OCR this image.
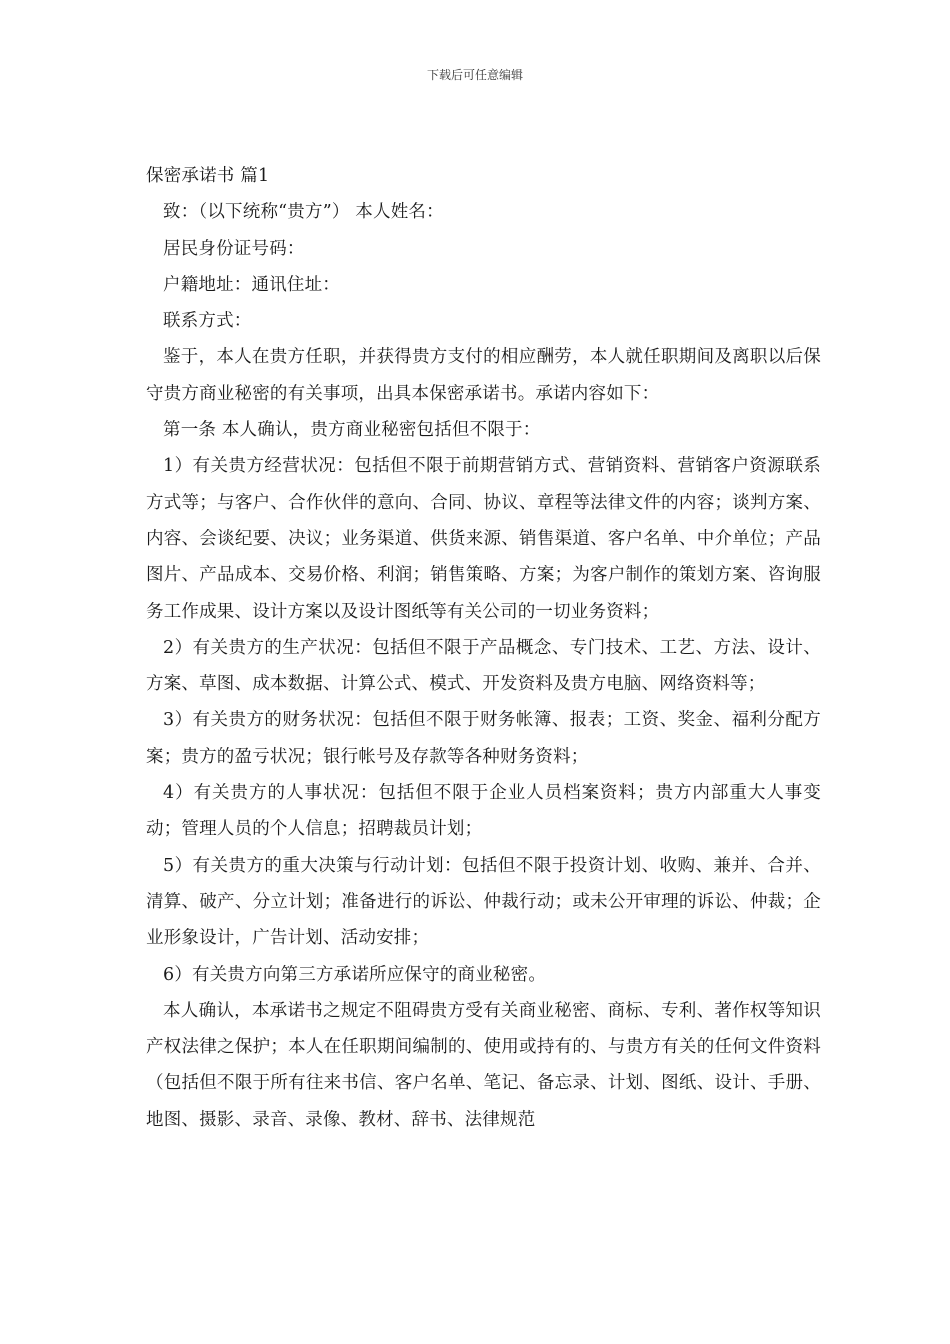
下载后可任意编辑

保密承诺书 篇1

致：（以下统称“贵方”） 本人姓名：

居民身份证号码：

户籍地址：通讯住址：

联系方式：

鉴于，本人在贵方任职，并获得贵方支付的相应酬劳，本人就任职期间及离职以后保守贵方商业秘密的有关事项，出具本保密承诺书。承诺内容如下：

第一条 本人确认，贵方商业秘密包括但不限于：

1）有关贵方经营状况：包括但不限于前期营销方式、营销资料、营销客户资源联系方式等；与客户、合作伙伴的意向、合同、协议、章程等法律文件的内容；谈判方案、内容、会谈纪要、决议；业务渠道、供货来源、销售渠道、客户名单、中介单位；产品图片、产品成本、交易价格、利润；销售策略、方案；为客户制作的策划方案、咨询服务工作成果、设计方案以及设计图纸等有关公司的一切业务资料；

2）有关贵方的生产状况：包括但不限于产品概念、专门技术、工艺、方法、设计、方案、草图、成本数据、计算公式、模式、开发资料及贵方电脑、网络资料等；

3）有关贵方的财务状况：包括但不限于财务帐簿、报表；工资、奖金、福利分配方案；贵方的盈亏状况；银行帐号及存款等各种财务资料；

4）有关贵方的人事状况：包括但不限于企业人员档案资料；贵方内部重大人事变动；管理人员的个人信息；招聘裁员计划；

5）有关贵方的重大决策与行动计划：包括但不限于投资计划、收购、兼并、合并、清算、破产、分立计划；准备进行的诉讼、仲裁行动；或未公开审理的诉讼、仲裁；企业形象设计，广告计划、活动安排；

6）有关贵方向第三方承诺所应保守的商业秘密。

本人确认，本承诺书之规定不阻碍贵方受有关商业秘密、商标、专利、著作权等知识产权法律之保护；本人在任职期间编制的、使用或持有的、与贵方有关的任何文件资料（包括但不限于所有往来书信、客户名单、笔记、备忘录、计划、图纸、设计、手册、地图、摄影、录音、录像、教材、辞书、法律规范
